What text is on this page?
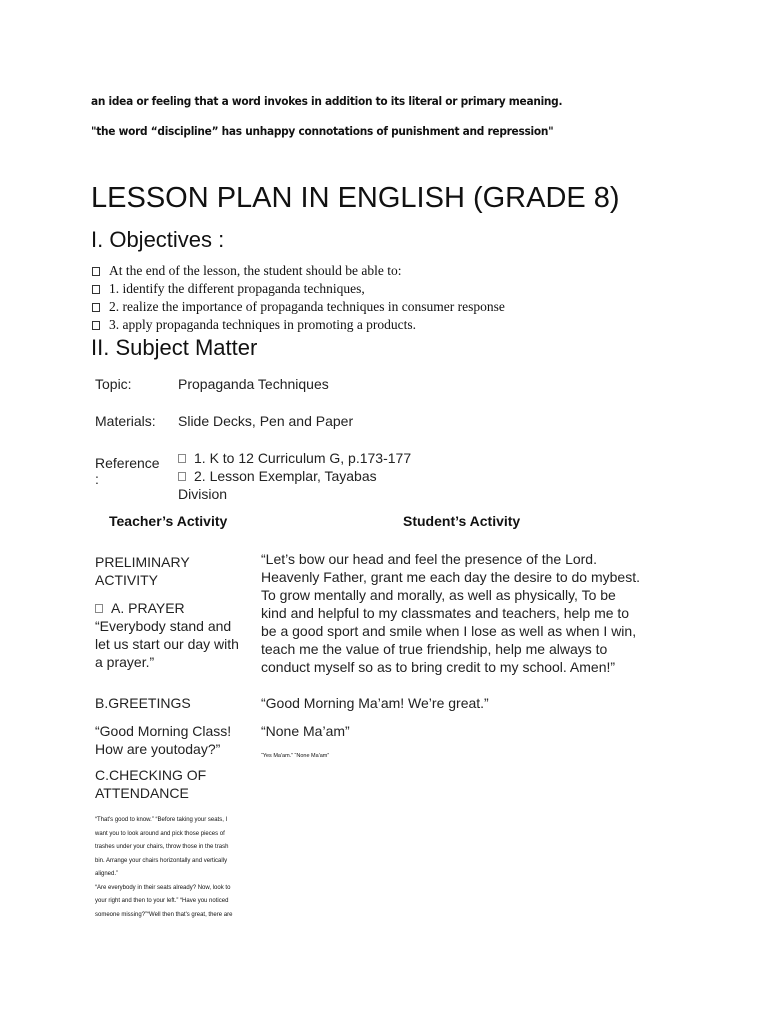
an idea or feeling that a word invokes in addition to its literal or primary meaning.
"the word “discipline” has unhappy connotations of punishment and repression"
LESSON PLAN IN ENGLISH (GRADE 8)
I. Objectives :
At the end of the lesson, the student should be able to:
1. identify the different propaganda techniques,
2. realize the importance of propaganda techniques in consumer response
3. apply propaganda techniques in promoting a products.
II. Subject Matter
Topic:	Propaganda Techniques
Materials: Slide Decks, Pen and Paper
Reference
:
1. K to 12 Curriculum G, p.173-177
2. Lesson Exemplar, Tayabas
Division
Teacher’s Activity	Student’s Activity
PRELIMINARY
ACTIVITY
A. PRAYER
“Everybody stand and
let us start our day with
a prayer.”
B.GREETINGS
“Good Morning Class!
How are youtoday?”
C.CHECKING OF
ATTENDANCE
“That's good to know.” “Before taking your seats, I
want you to look around and pick those pieces of
trashes under your chairs, throw those in the trash
bin. Arrange your chairs horizontally and vertically
aligned.”
“Are everybody in their seats already? Now, look to
your right and then to your left.” “Have you noticed
someone missing?”“Well then that's great, there are
“Let’s bow our head and feel the presence of the Lord.
Heavenly Father, grant me each day the desire to do mybest.
To grow mentally and morally, as well as physically, To be
kind and helpful to my classmates and teachers, help me to
be a good sport and smile when I lose as well as when I win,
teach me the value of true friendship, help me always to
conduct myself so as to bring credit to my school. Amen!”
“Good Morning Ma’am! We’re great.”
“None Ma’am”
“Yes Ma'am.” “None Ma'am”
